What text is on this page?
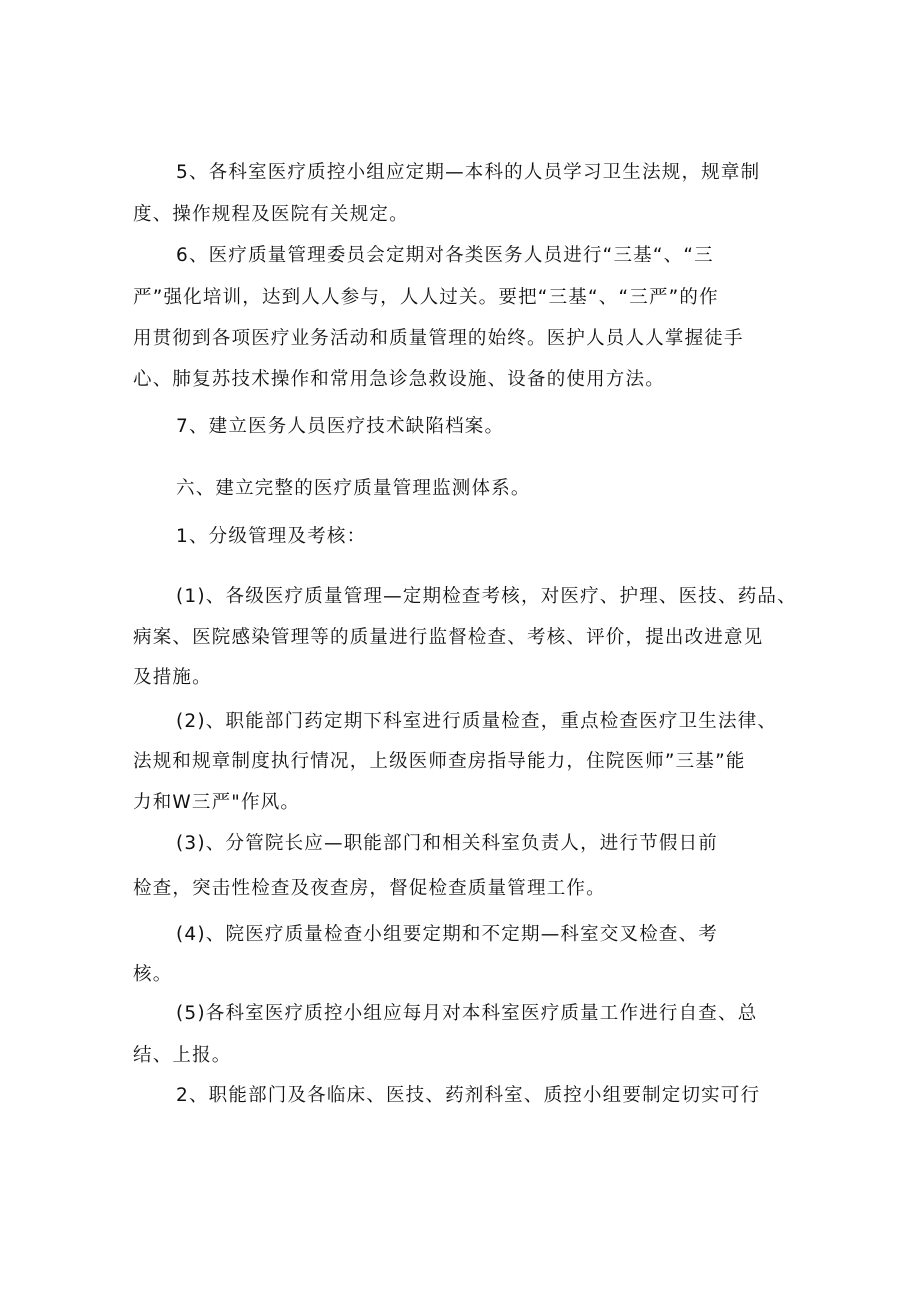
5、各科室医疗质控小组应定期—本科的人员学习卫生法规，规章制
度、操作规程及医院有关规定。
6、医疗质量管理委员会定期对各类医务人员进行“三基“、“三
严”强化培训，达到人人参与，人人过关。要把“三基“、“三严”的作
用贯彻到各项医疗业务活动和质量管理的始终。医护人员人人掌握徒手
心、肺复苏技术操作和常用急诊急救设施、设备的使用方法。
7、建立医务人员医疗技术缺陷档案。
六、建立完整的医疗质量管理监测体系。
1、分级管理及考核：
(1)、各级医疗质量管理—定期检查考核，对医疗、护理、医技、药品、
病案、医院感染管理等的质量进行监督检查、考核、评价，提出改进意见
及措施。
(2)、职能部门药定期下科室进行质量检查，重点检查医疗卫生法律、
法规和规章制度执行情况，上级医师查房指导能力，住院医师”三基”能
力和W三严"作风。
(3)、分管院长应—职能部门和相关科室负责人，进行节假日前
检查，突击性检查及夜查房，督促检查质量管理工作。
(4)、院医疗质量检查小组要定期和不定期—科室交叉检查、考
核。
(5)各科室医疗质控小组应每月对本科室医疗质量工作进行自查、总
结、上报。
2、职能部门及各临床、医技、药剂科室、质控小组要制定切实可行
